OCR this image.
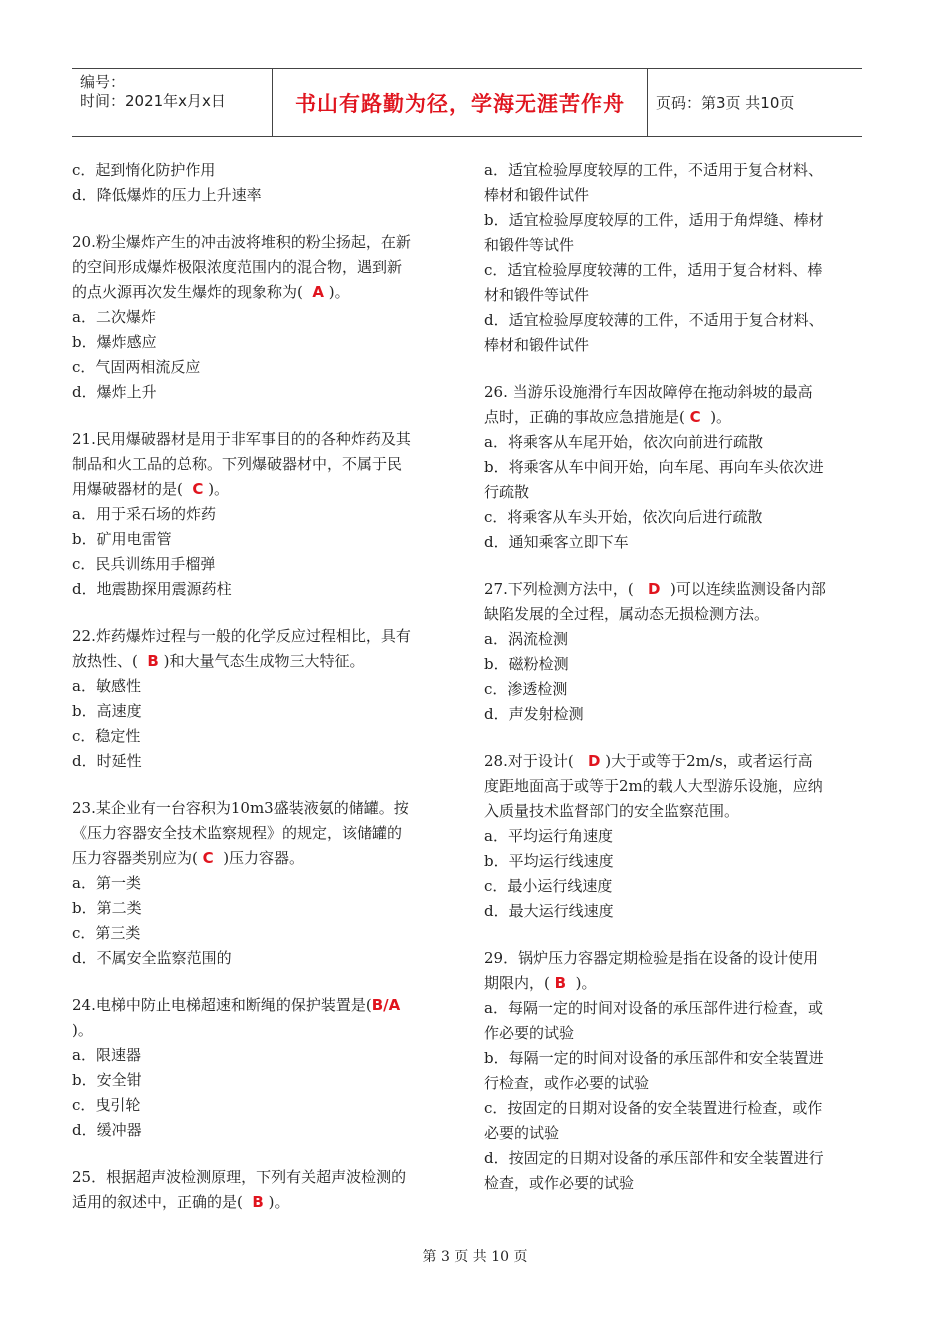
编号：
时间：2021年x月x日	书山有路勤为径，学海无涯苦作舟	页码：第3页 共10页
c．起到惰化防护作用
d．降低爆炸的压力上升速率
20.粉尘爆炸产生的冲击波将堆积的粉尘扬起，在新
的空间形成爆炸极限浓度范围内的混合物，遇到新
的点火源再次发生爆炸的现象称为( A )。
a．二次爆炸
b．爆炸感应
c．气固两相流反应
d．爆炸上升
21.民用爆破器材是用于非军事目的的各种炸药及其
制品和火工品的总称。下列爆破器材中，不属于民
用爆破器材的是( C )。
a．用于采石场的炸药
b．矿用电雷管
c．民兵训练用手榴弹
d．地震勘探用震源药柱
22.炸药爆炸过程与一般的化学反应过程相比，具有
放热性、( B )和大量气态生成物三大特征。
a．敏感性
b．高速度
c．稳定性
d．时延性
23.某企业有一台容积为10m3盛装液氨的储罐。按
《压力容器安全技术监察规程》的规定，该储罐的
压力容器类别应为( C )压力容器。
a．第一类
b．第二类
c．第三类
d．不属安全监察范围的
24.电梯中防止电梯超速和断绳的保护装置是(B/A
)。
a．限速器
b．安全钳
c．曳引轮
d．缓冲器
25．根据超声波检测原理，下列有关超声波检测的
适用的叙述中，正确的是( B )。
a．适宜检验厚度较厚的工件，不适用于复合材料、
棒材和锻件试件
b．适宜检验厚度较厚的工件，适用于角焊缝、棒材
和锻件等试件
c．适宜检验厚度较薄的工件，适用于复合材料、棒
材和锻件等试件
d．适宜检验厚度较薄的工件，不适用于复合材料、
棒材和锻件试件
26. 当游乐设施滑行车因故障停在拖动斜坡的最高
点时，正确的事故应急措施是( C )。
a．将乘客从车尾开始，依次向前进行疏散
b．将乘客从车中间开始，向车尾、再向车头依次进
行疏散
c．将乘客从车头开始，依次向后进行疏散
d．通知乘客立即下车
27.下列检测方法中，( D )可以连续监测设备内部
缺陷发展的全过程，属动态无损检测方法。
a．涡流检测
b．磁粉检测
c．渗透检测
d．声发射检测
28.对于设计( D )大于或等于2m/s，或者运行高
度距地面高于或等于2m的载人大型游乐设施，应纳
入质量技术监督部门的安全监察范围。
a．平均运行角速度
b．平均运行线速度
c．最小运行线速度
d．最大运行线速度
29．锅炉压力容器定期检验是指在设备的设计使用
期限内，( B )。
a．每隔一定的时间对设备的承压部件进行检查，或
作必要的试验
b．每隔一定的时间对设备的承压部件和安全装置进
行检查，或作必要的试验
c．按固定的日期对设备的安全装置进行检查，或作
必要的试验
d．按固定的日期对设备的承压部件和安全装置进行
检查，或作必要的试验
第 3 页 共 10 页
